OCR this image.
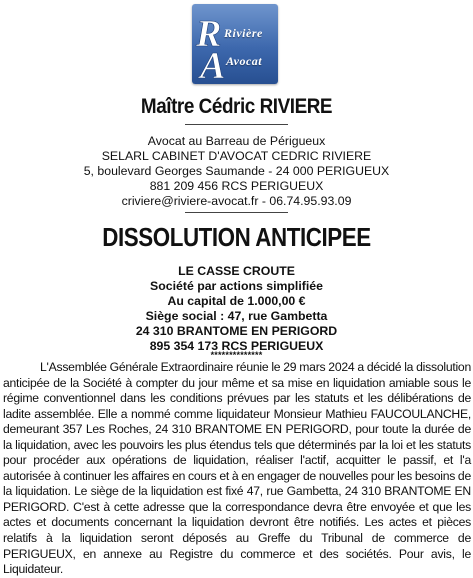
R
A
Rivière
Avocat
Maître Cédric RIVIERE
Avocat au Barreau de Périgueux
SELARL CABINET D'AVOCAT CEDRIC RIVIERE
5, boulevard Georges Saumande - 24 000 PERIGUEUX
881 209 456 RCS PERIGUEUX
criviere@riviere-avocat.fr - 06.74.95.93.09
DISSOLUTION ANTICIPEE
LE CASSE CROUTE
Société par actions simplifiée
Au capital de 1.000,00 €
Siège social : 47, rue Gambetta
24 310 BRANTOME EN PERIGORD
895 354 173 RCS PERIGUEUX
**************
L'Assemblée Générale Extraordinaire réunie le 29 mars 2024 a décidé la dissolution anticipée de la Société à compter du jour même et sa mise en liquidation amiable sous le régime conventionnel dans les conditions prévues par les statuts et les délibérations de ladite assemblée. Elle a nommé comme liquidateur Monsieur Mathieu FAUCOULANCHE, demeurant 357 Les Roches, 24 310 BRANTOME EN PERIGORD, pour toute la durée de la liquidation, avec les pouvoirs les plus étendus tels que déterminés par la loi et les statuts pour procéder aux opérations de liquidation, réaliser l'actif, acquitter le passif, et l'a autorisée à continuer les affaires en cours et à en engager de nouvelles pour les besoins de la liquidation. Le siège de la liquidation est fixé 47, rue Gambetta, 24 310 BRANTOME EN PERIGORD. C'est à cette adresse que la correspondance devra être envoyée et que les actes et documents concernant la liquidation devront être notifiés. Les actes et pièces relatifs à la liquidation seront déposés au Greffe du Tribunal de commerce de PERIGUEUX, en annexe au Registre du commerce et des sociétés. Pour avis, le Liquidateur.
